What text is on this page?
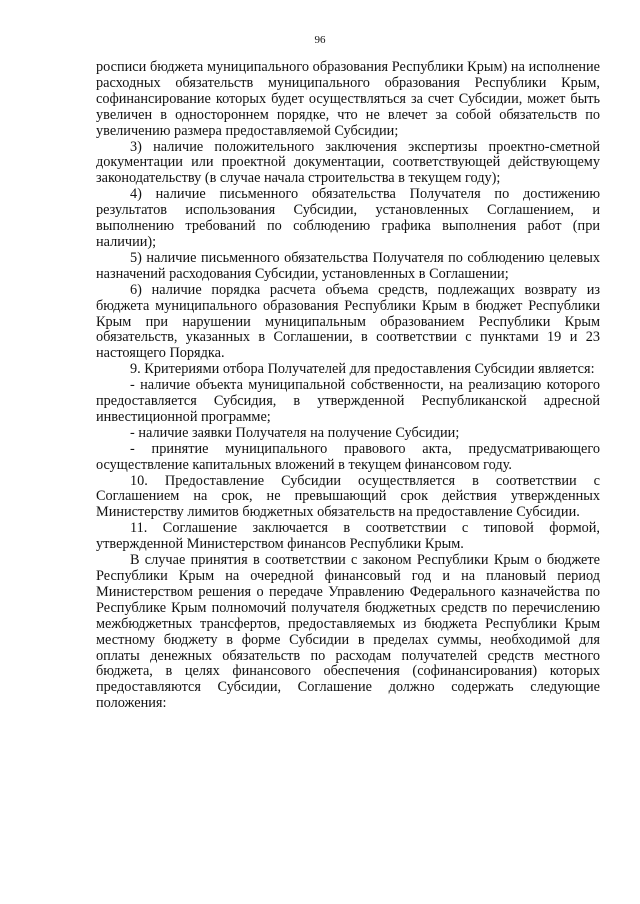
96

росписи бюджета муниципального образования Республики Крым) на исполнение расходных обязательств муниципального образования Республики Крым, софинансирование которых будет осуществляться за счет Субсидии, может быть увеличен в одностороннем порядке, что не влечет за собой обязательств по увеличению размера предоставляемой Субсидии;

3) наличие положительного заключения экспертизы проектно-сметной документации или проектной документации, соответствующей действующему законодательству (в случае начала строительства в текущем году);

4) наличие письменного обязательства Получателя по достижению результатов использования Субсидии, установленных Соглашением, и выполнению требований по соблюдению графика выполнения работ (при наличии);

5) наличие письменного обязательства Получателя по соблюдению целевых назначений расходования Субсидии, установленных в Соглашении;

6) наличие порядка расчета объема средств, подлежащих возврату из бюджета муниципального образования Республики Крым в бюджет Республики Крым при нарушении муниципальным образованием Республики Крым обязательств, указанных в Соглашении, в соответствии с пунктами 19 и 23 настоящего Порядка.

9. Критериями отбора Получателей для предоставления Субсидии является:

- наличие объекта муниципальной собственности, на реализацию которого предоставляется Субсидия, в утвержденной Республиканской адресной инвестиционной программе;

- наличие заявки Получателя на получение Субсидии;

- принятие муниципального правового акта, предусматривающего осуществление капитальных вложений в текущем финансовом году.

10. Предоставление Субсидии осуществляется в соответствии с Соглашением на срок, не превышающий срок действия утвержденных Министерству лимитов бюджетных обязательств на предоставление Субсидии.

11. Соглашение заключается в соответствии с типовой формой, утвержденной Министерством финансов Республики Крым.

В случае принятия в соответствии с законом Республики Крым о бюджете Республики Крым на очередной финансовый год и на плановый период Министерством решения о передаче Управлению Федерального казначейства по Республике Крым полномочий получателя бюджетных средств по перечислению межбюджетных трансфертов, предоставляемых из бюджета Республики Крым местному бюджету в форме Субсидии в пределах суммы, необходимой для оплаты денежных обязательств по расходам получателей средств местного бюджета, в целях финансового обеспечения (софинансирования) которых предоставляются Субсидии, Соглашение должно содержать следующие положения:
